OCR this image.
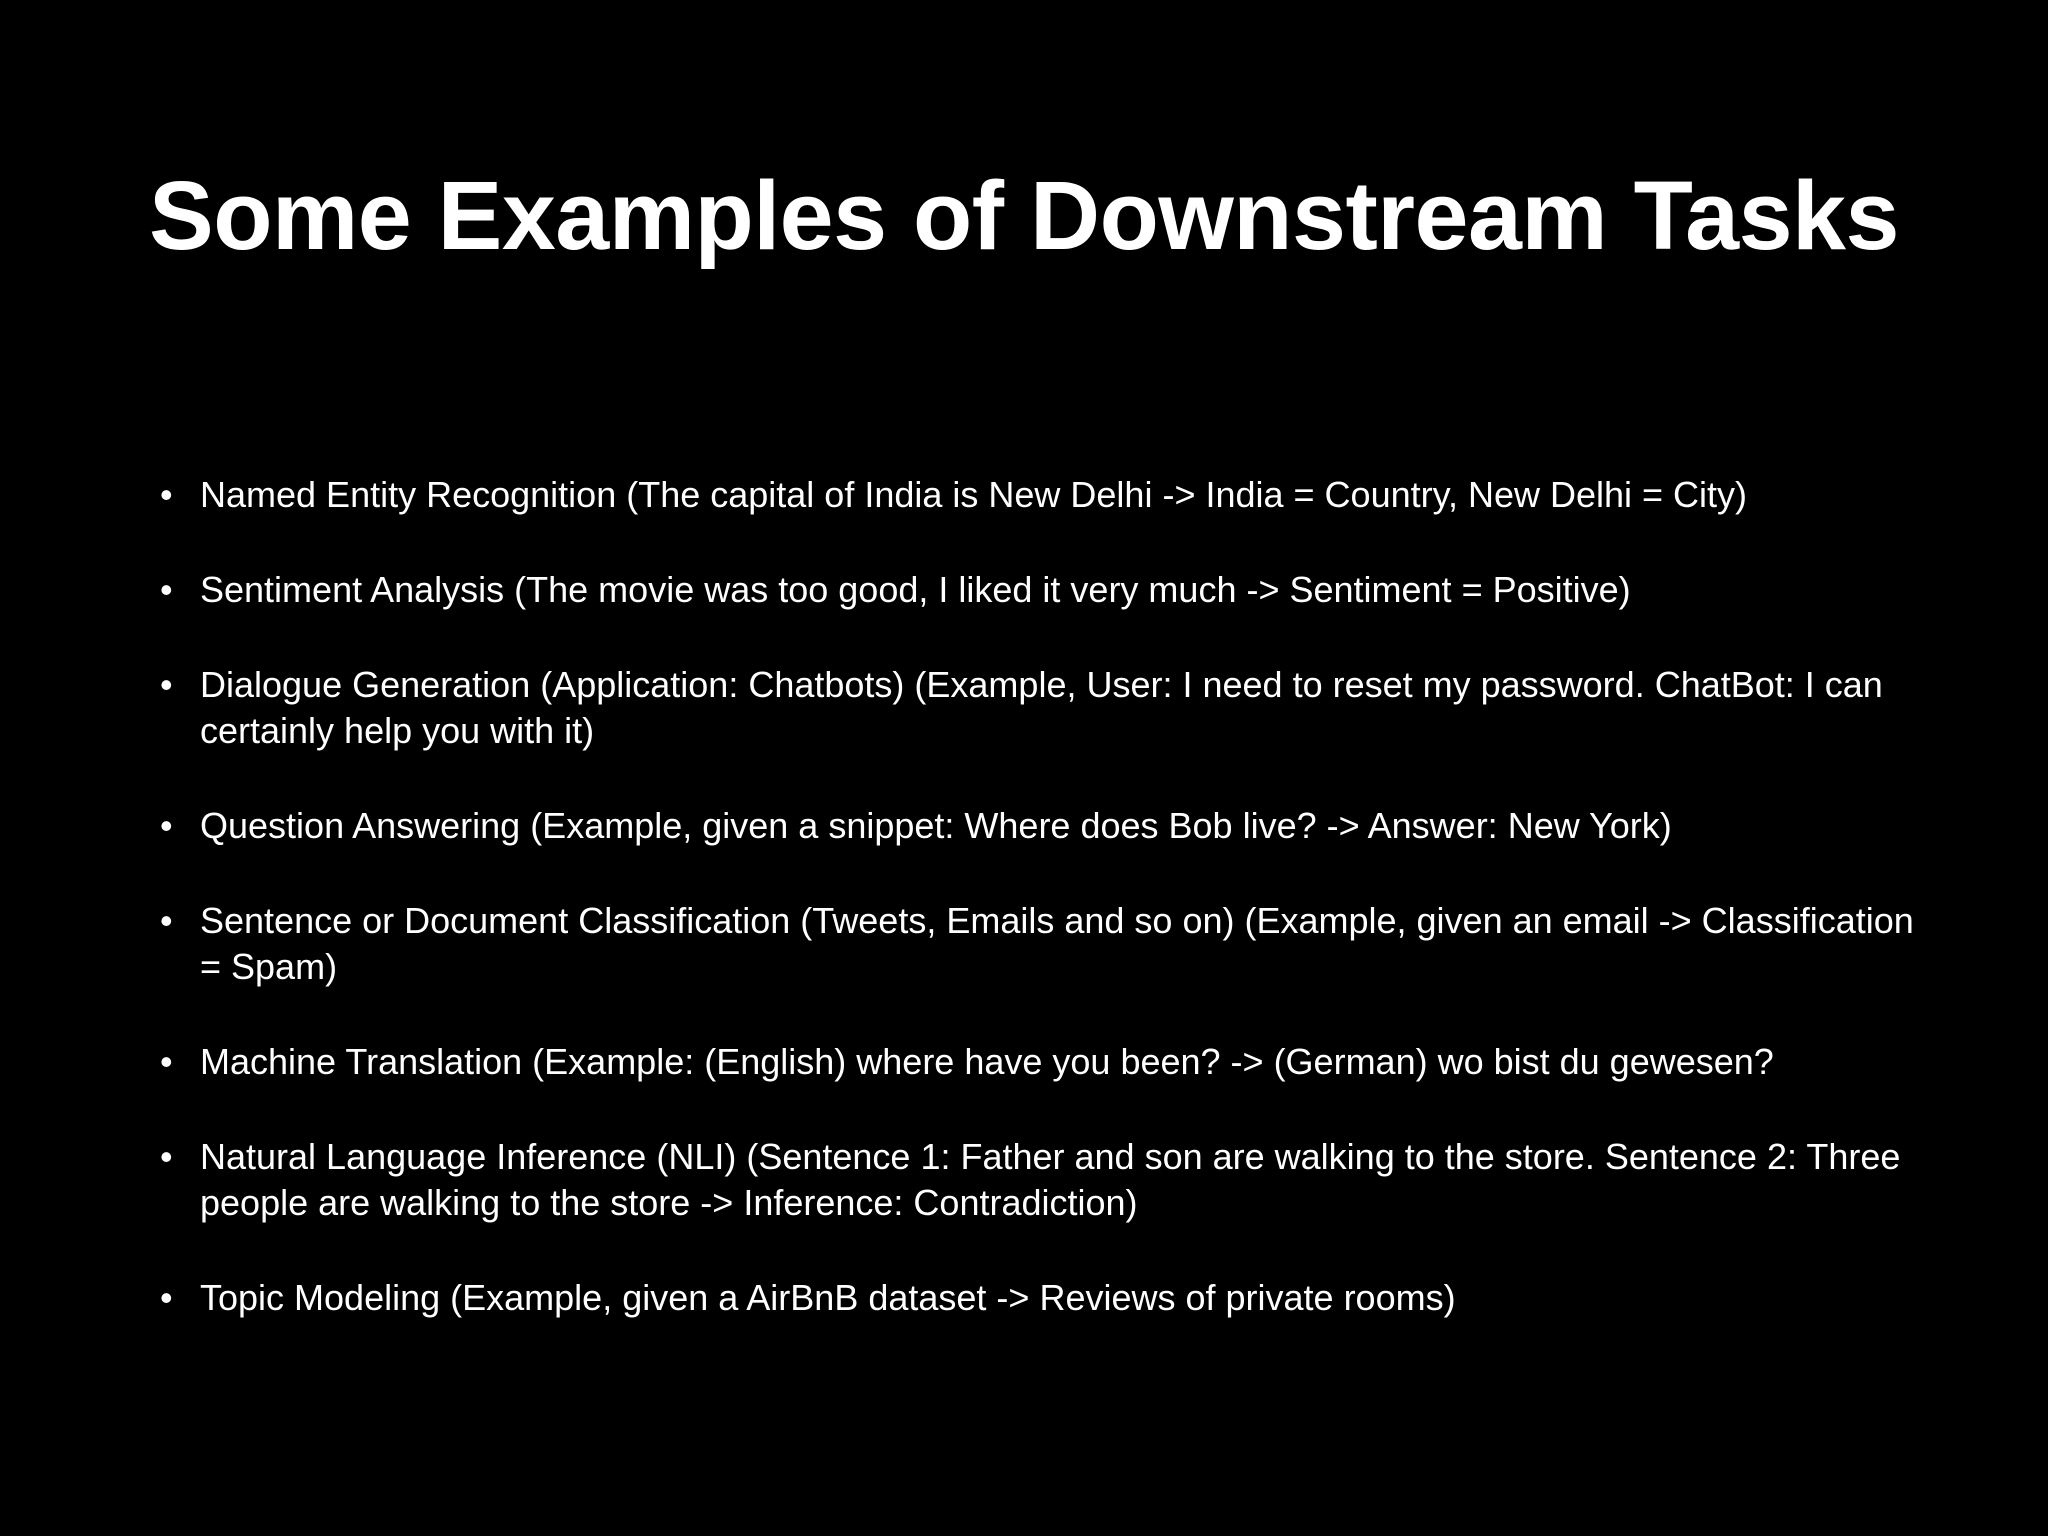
Some Examples of Downstream Tasks
• Named Entity Recognition (The capital of India is New Delhi -> India = Country, New Delhi = City)
• Sentiment Analysis (The movie was too good, I liked it very much -> Sentiment = Positive)
• Dialogue Generation (Application: Chatbots) (Example, User: I need to reset my password. ChatBot: I can certainly help you with it)
• Question Answering (Example, given a snippet: Where does Bob live? -> Answer: New York)
• Sentence or Document Classification (Tweets, Emails and so on) (Example, given an email -> Classification = Spam)
• Machine Translation (Example: (English) where have you been? -> (German) wo bist du gewesen?
• Natural Language Inference (NLI) (Sentence 1: Father and son are walking to the store. Sentence 2: Three people are walking to the store -> Inference: Contradiction)
• Topic Modeling (Example, given a AirBnB dataset -> Reviews of private rooms)
